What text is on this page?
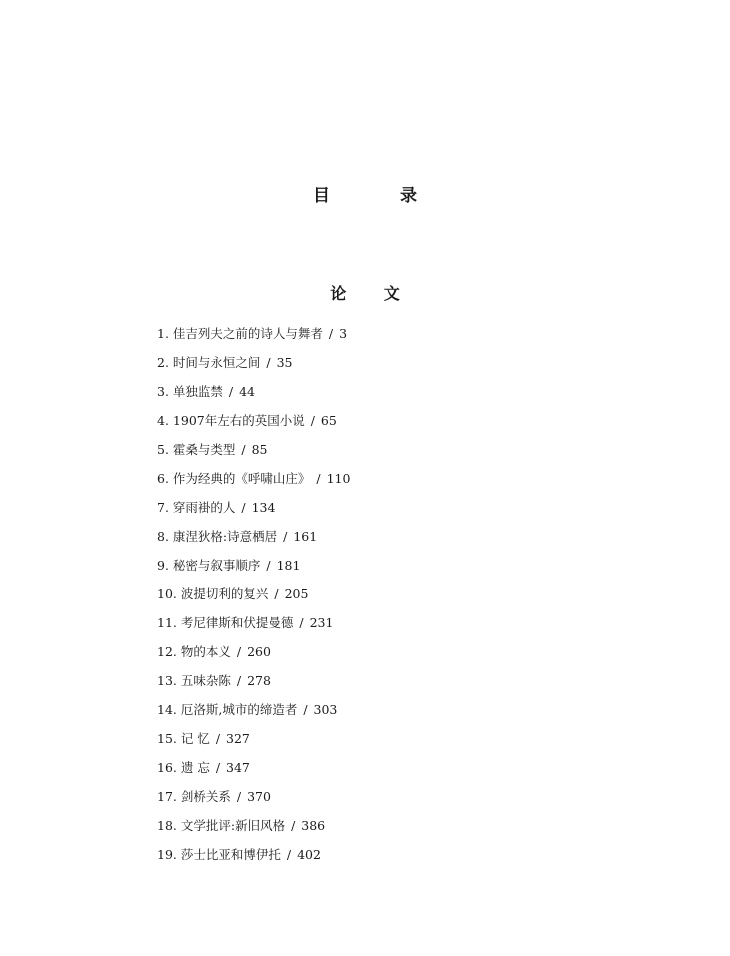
目 录
论 文
1. 佳吉列夫之前的诗人与舞者 / 3
2. 时间与永恒之间 / 35
3. 单独监禁 / 44
4. 1907年左右的英国小说 / 65
5. 霍桑与类型 / 85
6. 作为经典的《呼啸山庄》 / 110
7. 穿雨褂的人 / 134
8. 康涅狄格:诗意栖居 / 161
9. 秘密与叙事顺序 / 181
10. 波提切利的复兴 / 205
11. 考尼律斯和伏提曼德 / 231
12. 物的本义 / 260
13. 五味杂陈 / 278
14. 厄洛斯,城市的缔造者 / 303
15. 记 忆 / 327
16. 遗 忘 / 347
17. 剑桥关系 / 370
18. 文学批评:新旧风格 / 386
19. 莎士比亚和博伊托 / 402
